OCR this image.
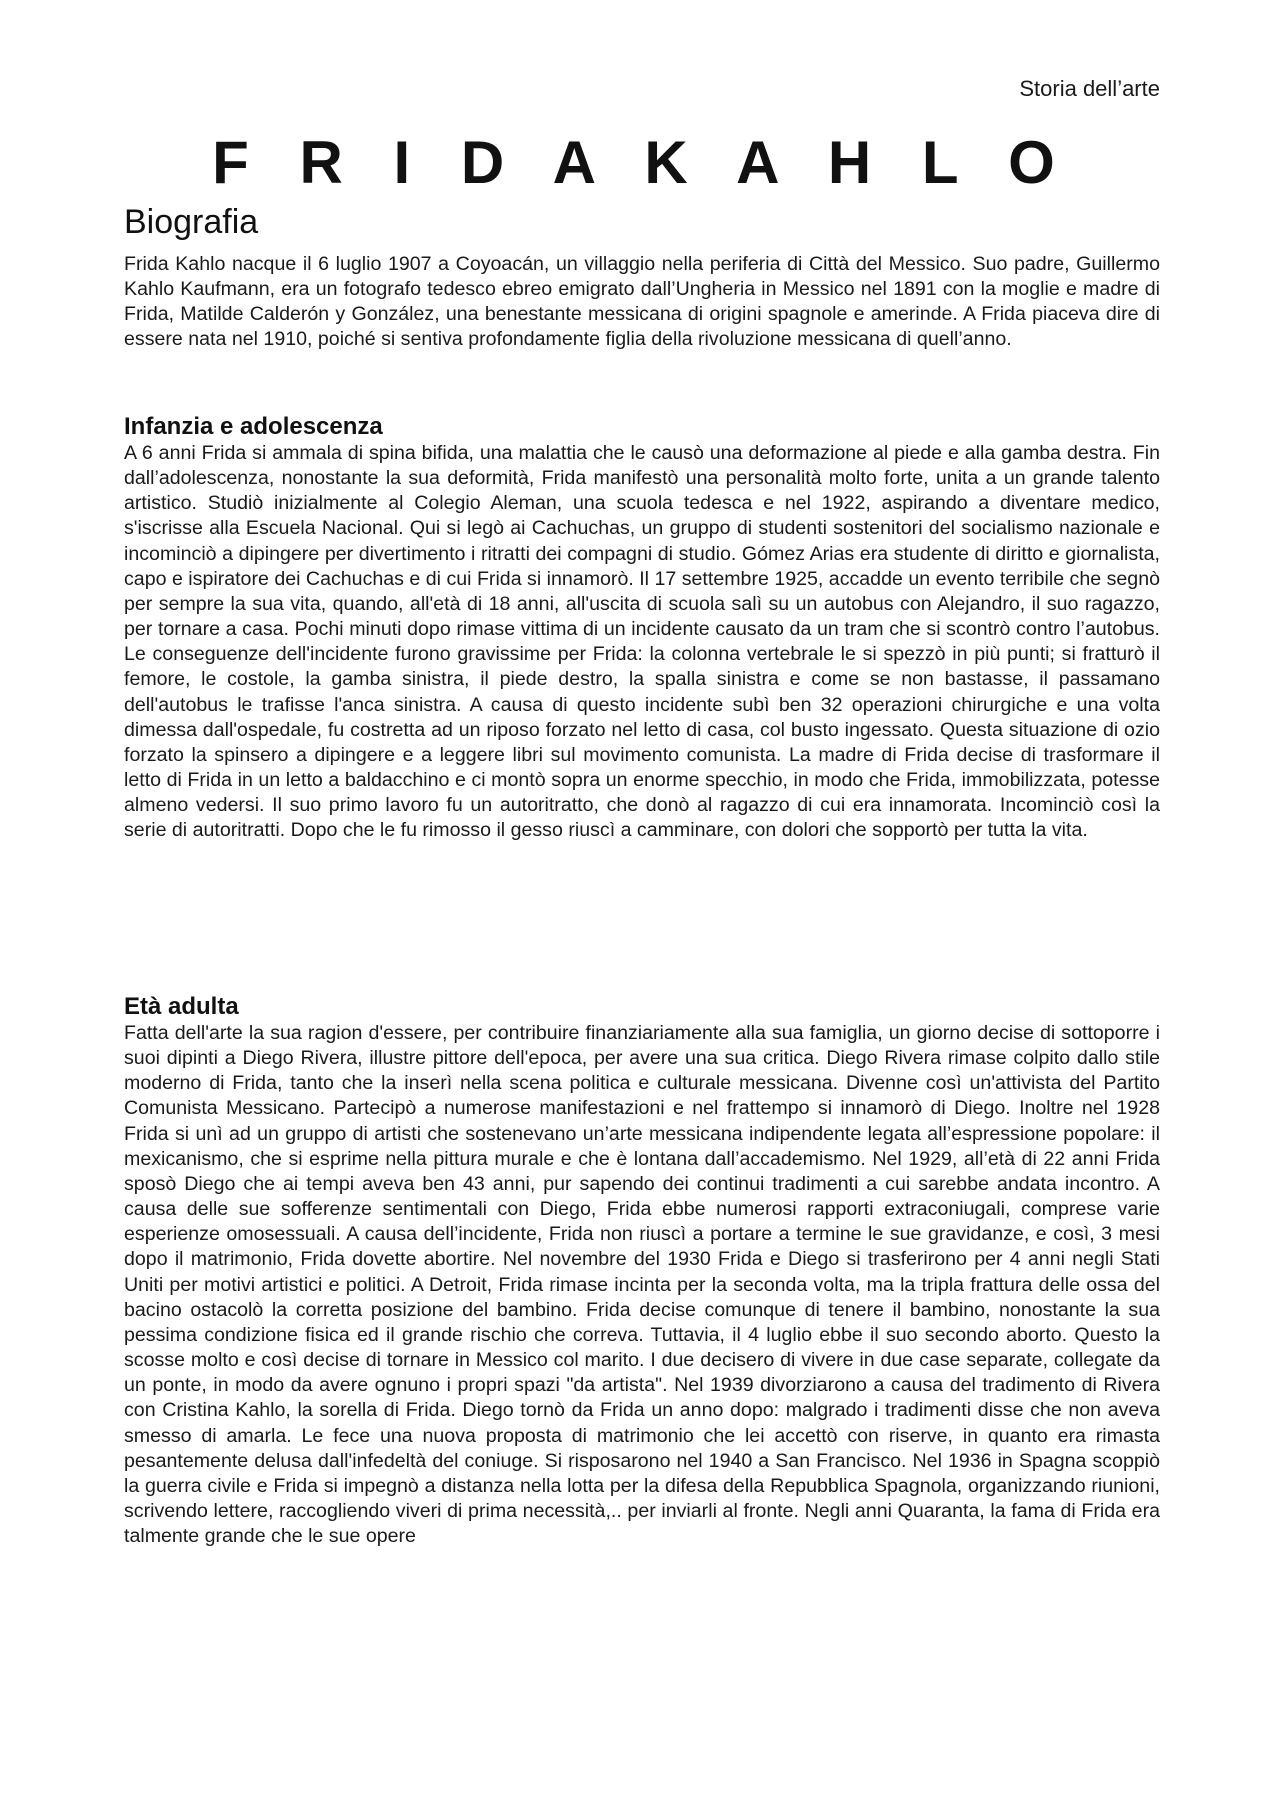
Storia dell’arte
F R I D A K A H L O
Biografia

Frida Kahlo nacque il 6 luglio 1907 a Coyoacán, un villaggio nella periferia di Città del Messico. Suo padre, Guillermo Kahlo Kaufmann, era un fotografo tedesco ebreo emigrato dall’Ungheria in Messico nel 1891 con la moglie e madre di Frida, Matilde Calderón y González, una benestante messicana di origini spagnole e amerinde. A Frida piaceva dire di essere nata nel 1910, poiché si sentiva profondamente figlia della rivoluzione messicana di quell’anno.

Infanzia e adolescenza

A 6 anni Frida si ammala di spina bifida, una malattia che le causò una deformazione al piede e alla gamba destra. Fin dall’adolescenza, nonostante la sua deformità, Frida manifestò una personalità molto forte, unita a un grande talento artistico. Studiò inizialmente al Colegio Aleman, una scuola tedesca e nel 1922, aspirando a diventare medico, s'iscrisse alla Escuela Nacional. Qui si legò ai Cachuchas, un gruppo di studenti sostenitori del socialismo nazionale e incominciò a dipingere per divertimento i ritratti dei compagni di studio. Gómez Arias era studente di diritto e giornalista, capo e ispiratore dei Cachuchas e di cui Frida si innamorò. Il 17 settembre 1925, accadde un evento terribile che segnò per sempre la sua vita, quando, all'età di 18 anni, all'uscita di scuola salì su un autobus con Alejandro, il suo ragazzo, per tornare a casa. Pochi minuti dopo rimase vittima di un incidente causato da un tram che si scontrò contro l’autobus. Le conseguenze dell'incidente furono gravissime per Frida: la colonna vertebrale le si spezzò in più punti; si fratturò il femore, le costole, la gamba sinistra, il piede destro, la spalla sinistra e come se non bastasse, il passamano dell'autobus le trafisse l'anca sinistra. A causa di questo incidente subì ben 32 operazioni chirurgiche e una volta dimessa dall'ospedale, fu costretta ad un riposo forzato nel letto di casa, col busto ingessato. Questa situazione di ozio forzato la spinsero a dipingere e a leggere libri sul movimento comunista. La madre di Frida decise di trasformare il letto di Frida in un letto a baldacchino e ci montò sopra un enorme specchio, in modo che Frida, immobilizzata, potesse almeno vedersi. Il suo primo lavoro fu un autoritratto, che donò al ragazzo di cui era innamorata. Incominciò così la serie di autoritratti. Dopo che le fu rimosso il gesso riuscì a camminare, con dolori che sopportò per tutta la vita.

Età adulta

Fatta dell'arte la sua ragion d'essere, per contribuire finanziariamente alla sua famiglia, un giorno decise di sottoporre i suoi dipinti a Diego Rivera, illustre pittore dell'epoca, per avere una sua critica. Diego Rivera rimase colpito dallo stile moderno di Frida, tanto che la inserì nella scena politica e culturale messicana. Divenne così un'attivista del Partito Comunista Messicano. Partecipò a numerose manifestazioni e nel frattempo si innamorò di Diego. Inoltre nel 1928 Frida si unì ad un gruppo di artisti che sostenevano un’arte messicana indipendente legata all’espressione popolare: il mexicanismo, che si esprime nella pittura murale e che è lontana dall’accademismo. Nel 1929, all’età di 22 anni Frida sposò Diego che ai tempi aveva ben 43 anni, pur sapendo dei continui tradimenti a cui sarebbe andata incontro. A causa delle sue sofferenze sentimentali con Diego, Frida ebbe numerosi rapporti extraconiugali, comprese varie esperienze omosessuali. A causa dell’incidente, Frida non riuscì a portare a termine le sue gravidanze, e così, 3 mesi dopo il matrimonio, Frida dovette abortire. Nel novembre del 1930 Frida e Diego si trasferirono per 4 anni negli Stati Uniti per motivi artistici e politici. A Detroit, Frida rimase incinta per la seconda volta, ma la tripla frattura delle ossa del bacino ostacolò la corretta posizione del bambino. Frida decise comunque di tenere il bambino, nonostante la sua pessima condizione fisica ed il grande rischio che correva. Tuttavia, il 4 luglio ebbe il suo secondo aborto. Questo la scosse molto e così decise di tornare in Messico col marito. I due decisero di vivere in due case separate, collegate da un ponte, in modo da avere ognuno i propri spazi "da artista". Nel 1939 divorziarono a causa del tradimento di Rivera con Cristina Kahlo, la sorella di Frida. Diego tornò da Frida un anno dopo: malgrado i tradimenti disse che non aveva smesso di amarla. Le fece una nuova proposta di matrimonio che lei accettò con riserve, in quanto era rimasta pesantemente delusa dall'infedeltà del coniuge. Si risposarono nel 1940 a San Francisco. Nel 1936 in Spagna scoppiò la guerra civile e Frida si impegnò a distanza nella lotta per la difesa della Repubblica Spagnola, organizzando riunioni, scrivendo lettere, raccogliendo viveri di prima necessità,.. per inviarli al fronte. Negli anni Quaranta, la fama di Frida era talmente grande che le sue opere
